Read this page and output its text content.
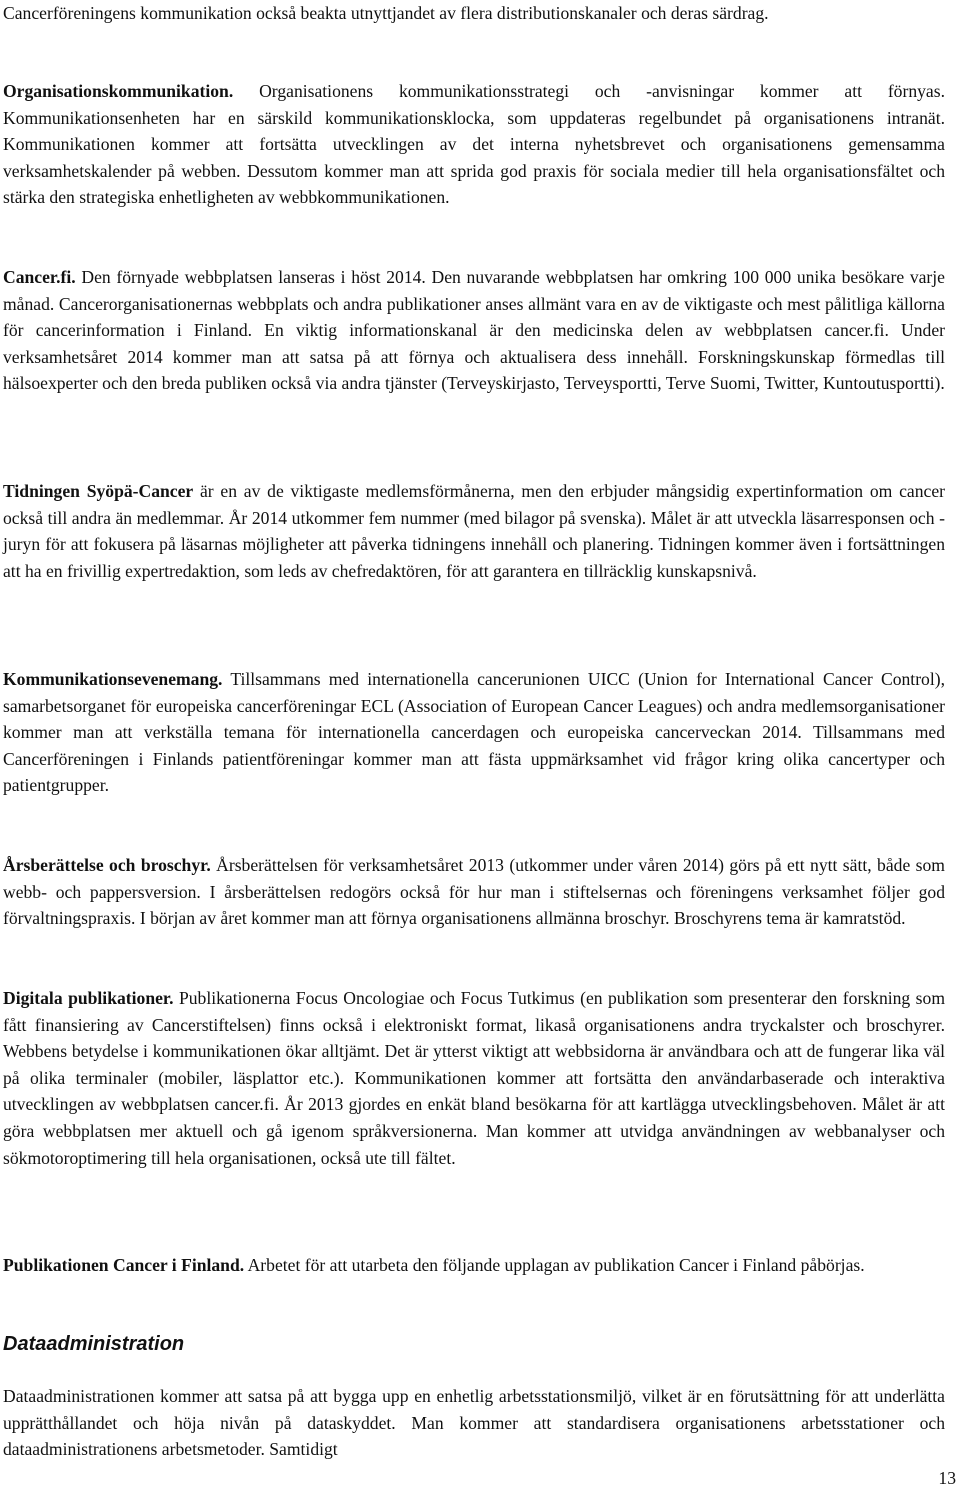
Cancerföreningens kommunikation också beakta utnyttjandet av flera distributionskanaler och deras särdrag.

Organisationskommunikation. Organisationens kommunikationsstrategi och -anvisningar kommer att förnyas. Kommunikationsenheten har en särskild kommunikationsklocka, som uppdateras regelbundet på organisationens intranät. Kommunikationen kommer att fortsätta utvecklingen av det interna nyhetsbrevet och organisationens gemensamma verksamhetskalender på webben. Dessutom kommer man att sprida god praxis för sociala medier till hela organisationsfältet och stärka den strategiska enhetligheten av webbkommunikationen.

Cancer.fi. Den förnyade webbplatsen lanseras i höst 2014. Den nuvarande webbplatsen har omkring 100 000 unika besökare varje månad. Cancerorganisationernas webbplats och andra publikationer anses allmänt vara en av de viktigaste och mest pålitliga källorna för cancerinformation i Finland. En viktig informationskanal är den medicinska delen av webbplatsen cancer.fi. Under verksamhetsåret 2014 kommer man att satsa på att förnya och aktualisera dess innehåll. Forskningskunskap förmedlas till hälsoexperter och den breda publiken också via andra tjänster (Terveyskirjasto, Terveysportti, Terve Suomi, Twitter, Kuntoutusportti).

Tidningen Syöpä-Cancer är en av de viktigaste medlemsförmånerna, men den erbjuder mångsidig expertinformation om cancer också till andra än medlemmar. År 2014 utkommer fem nummer (med bilagor på svenska). Målet är att utveckla läsarresponsen och -juryn för att fokusera på läsarnas möjligheter att påverka tidningens innehåll och planering. Tidningen kommer även i fortsättningen att ha en frivillig expertredaktion, som leds av chefredaktören, för att garantera en tillräcklig kunskapsnivå.

Kommunikationsevenemang. Tillsammans med internationella cancerunionen UICC (Union for International Cancer Control), samarbetsorganet för europeiska cancerföreningar ECL (Association of European Cancer Leagues) och andra medlemsorganisationer kommer man att verkställa temana för internationella cancerdagen och europeiska cancerveckan 2014. Tillsammans med Cancerföreningen i Finlands patientföreningar kommer man att fästa uppmärksamhet vid frågor kring olika cancertyper och patientgrupper.

Årsberättelse och broschyr. Årsberättelsen för verksamhetsåret 2013 (utkommer under våren 2014) görs på ett nytt sätt, både som webb- och pappersversion. I årsberättelsen redogörs också för hur man i stiftelsernas och föreningens verksamhet följer god förvaltningspraxis. I början av året kommer man att förnya organisationens allmänna broschyr. Broschyrens tema är kamratstöd.

Digitala publikationer. Publikationerna Focus Oncologiae och Focus Tutkimus (en publikation som presenterar den forskning som fått finansiering av Cancerstiftelsen) finns också i elektroniskt format, likaså organisationens andra tryckalster och broschyrer. Webbens betydelse i kommunikationen ökar alltjämt. Det är ytterst viktigt att webbsidorna är användbara och att de fungerar lika väl på olika terminaler (mobiler, läsplattor etc.). Kommunikationen kommer att fortsätta den användarbaserade och interaktiva utvecklingen av webbplatsen cancer.fi. År 2013 gjordes en enkät bland besökarna för att kartlägga utvecklingsbehoven. Målet är att göra webbplatsen mer aktuell och gå igenom språkversionerna. Man kommer att utvidga användningen av webbanalyser och sökmotoroptimering till hela organisationen, också ute till fältet.

Publikationen Cancer i Finland. Arbetet för att utarbeta den följande upplagan av publikation Cancer i Finland påbörjas.

Dataadministration

Dataadministrationen kommer att satsa på att bygga upp en enhetlig arbetsstationsmiljö, vilket är en förutsättning för att underlätta upprätthållandet och höja nivån på dataskyddet. Man kommer att standardisera organisationens arbetsstationer och dataadministrationens arbetsmetoder. Samtidigt

13
